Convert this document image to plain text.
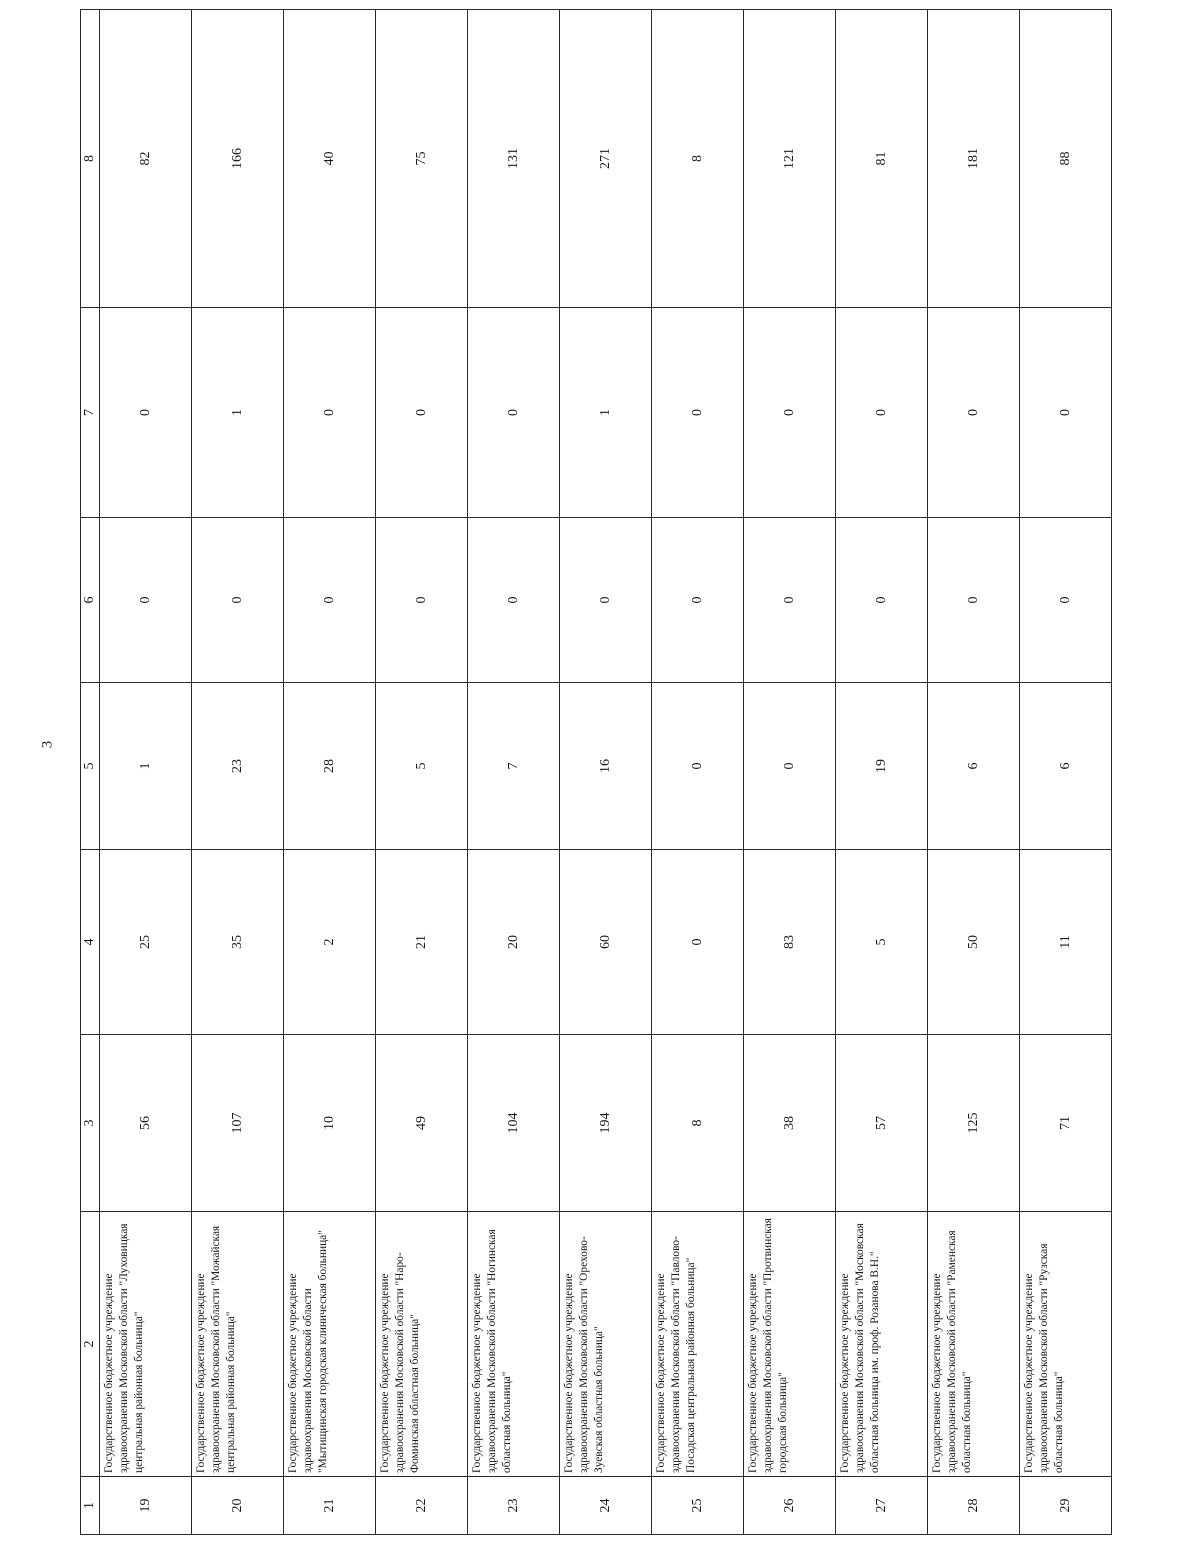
3
1	2	3	4	5	6	7	8
19	Государственное бюджетное учреждение здравоохранения Московской области "Луховицкая центральная районная больница"	56	25	1	0	0	82
20	Государственное бюджетное учреждение здравоохранения Московской области "Можайская центральная районная больница"	107	35	23	0	1	166
21	Государственное бюджетное учреждение здравоохранения Московской области "Мытищинская городская клиническая больница"	10	2	28	0	0	40
22	Государственное бюджетное учреждение здравоохранения Московской области "Наро-Фоминская областная больница"	49	21	5	0	0	75
23	Государственное бюджетное учреждение здравоохранения Московской области "Ногинская областная больница"	104	20	7	0	0	131
24	Государственное бюджетное учреждение здравоохранения Московской области "Орехово-Зуевская областная больница"	194	60	16	0	1	271
25	Государственное бюджетное учреждение здравоохранения Московской области "Павлово-Посадская центральная районная больница"	8	0	0	0	0	8
26	Государственное бюджетное учреждение здравоохранения Московской области "Протвинская городская больница"	38	83	0	0	0	121
27	Государственное бюджетное учреждение здравоохранения Московской области "Московская областная больница им. проф. Розанова В.Н."	57	5	19	0	0	81
28	Государственное бюджетное учреждение здравоохранения Московской области "Раменская областная больница"	125	50	6	0	0	181
29	Государственное бюджетное учреждение здравоохранения Московской области "Рузская областная больница"	71	11	6	0	0	88
